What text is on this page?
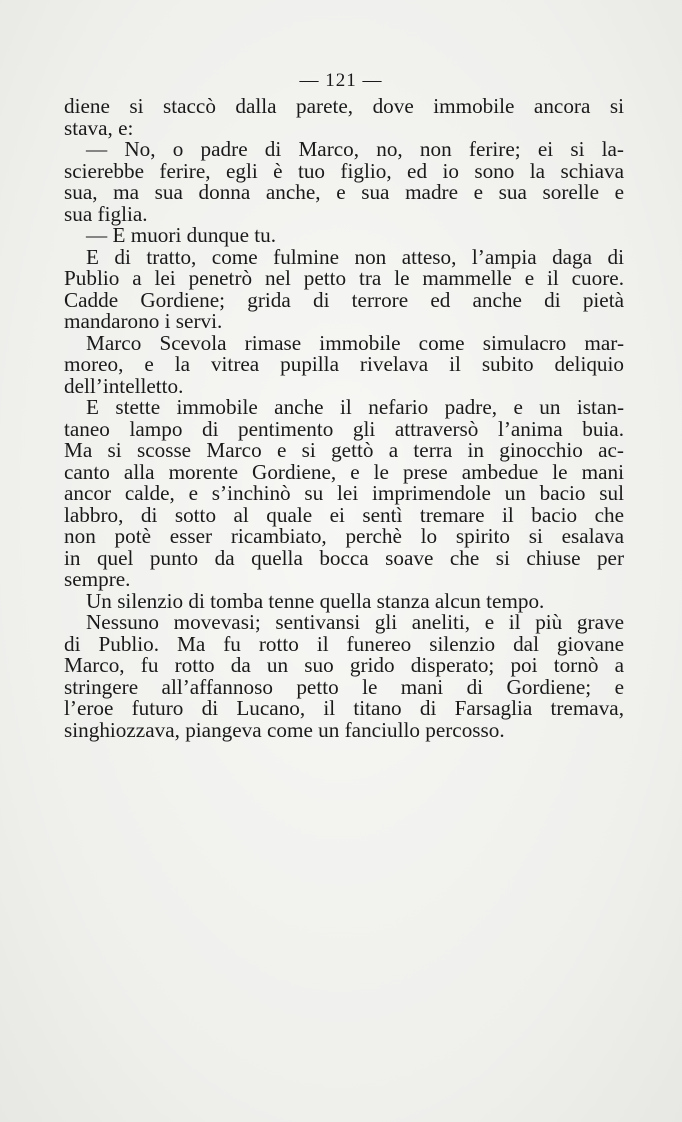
— 121 —
diene si staccò dalla parete, dove immobile ancora si
stava, e:
— No, o padre di Marco, no, non ferire; ei si la-
scierebbe ferire, egli è tuo figlio, ed io sono la schiava
sua, ma sua donna anche, e sua madre e sua sorelle e
sua figlia.
— E muori dunque tu.
E di tratto, come fulmine non atteso, l’ampia daga di
Publio a lei penetrò nel petto tra le mammelle e il cuore.
Cadde Gordiene; grida di terrore ed anche di pietà
mandarono i servi.
Marco Scevola rimase immobile come simulacro mar-
moreo, e la vitrea pupilla rivelava il subito deliquio
dell’intelletto.
E stette immobile anche il nefario padre, e un istan-
taneo lampo di pentimento gli attraversò l’anima buia.
Ma si scosse Marco e si gettò a terra in ginocchio ac-
canto alla morente Gordiene, e le prese ambedue le mani
ancor calde, e s’inchinò su lei imprimendole un bacio sul
labbro, di sotto al quale ei sentì tremare il bacio che
non potè esser ricambiato, perchè lo spirito si esalava
in quel punto da quella bocca soave che si chiuse per
sempre.
Un silenzio di tomba tenne quella stanza alcun tempo.
Nessuno movevasi; sentivansi gli aneliti, e il più grave
di Publio. Ma fu rotto il funereo silenzio dal giovane
Marco, fu rotto da un suo grido disperato; poi tornò a
stringere all’affannoso petto le mani di Gordiene; e
l’eroe futuro di Lucano, il titano di Farsaglia tremava,
singhiozzava, piangeva come un fanciullo percosso.
